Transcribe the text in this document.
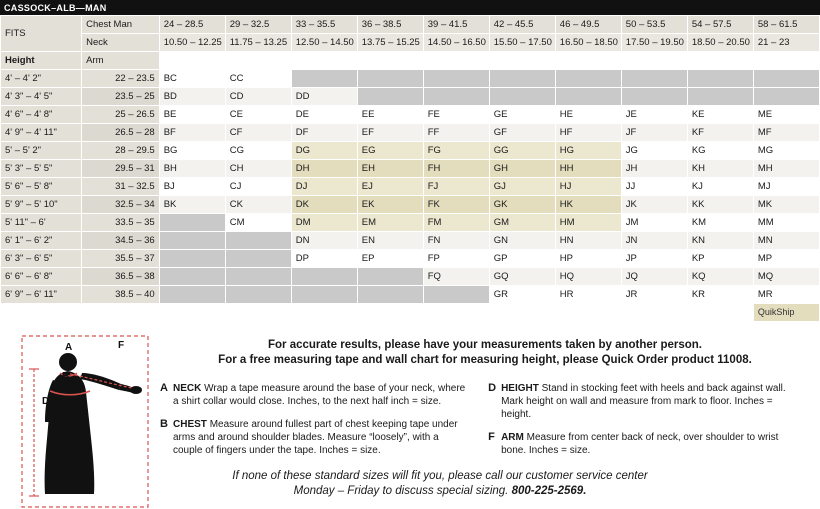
CASSOCK–ALB—MAN
FITS	Chest Man	24 – 28.5	29 – 32.5	33 – 35.5	36 – 38.5	39 – 41.5	42 – 45.5	46 – 49.5	50 – 53.5	54 – 57.5	58 – 61.5
	Neck	10.50 – 12.25	11.75 – 13.25	12.50 – 14.50	13.75 – 15.25	14.50 – 16.50	15.50 – 17.50	16.50 – 18.50	17.50 – 19.50	18.50 – 20.50	21 – 23
Height	Arm										
4' – 4' 2"	22 – 23.5	BC	CC								
4' 3" – 4' 5"	23.5 – 25	BD	CD	DD							
4' 6" – 4' 8"	25 – 26.5	BE	CE	DE	EE	FE	GE	HE	JE	KE	ME
4' 9" – 4' 11"	26.5 – 28	BF	CF	DF	EF	FF	GF	HF	JF	KF	MF
5' – 5' 2"	28 – 29.5	BG	CG	DG	EG	FG	GG	HG	JG	KG	MG
5' 3" – 5' 5"	29.5 – 31	BH	CH	DH	EH	FH	GH	HH	JH	KH	MH
5' 6" – 5' 8"	31 – 32.5	BJ	CJ	DJ	EJ	FJ	GJ	HJ	JJ	KJ	MJ
5' 9" – 5' 10"	32.5 – 34	BK	CK	DK	EK	FK	GK	HK	JK	KK	MK
5' 11" – 6'	33.5 – 35		CM	DM	EM	FM	GM	HM	JM	KM	MM
6' 1" – 6' 2"	34.5 – 36			DN	EN	FN	GN	HN	JN	KN	MN
6' 3" – 6' 5"	35.5 – 37			DP	EP	FP	GP	HP	JP	KP	MP
6' 6" – 6' 8"	36.5 – 38					FQ	GQ	HQ	JQ	KQ	MQ
6' 9" – 6' 11"	38.5 – 40						GR	HR	JR	KR	MR
											QuikShip
A
B
D
F	For accurate results, please have your measurements taken by another person.
For a free measuring tape and wall chart for measuring height, please Quick Order product 11008.

A NECK Wrap a tape measure around the base of your neck, where a shirt collar would close. Inches, to the next half inch = size.
B CHEST Measure around fullest part of chest keeping tape under arms and around shoulder blades. Measure “loosely”, with a couple of fingers under the tape. Inches = size.
D HEIGHT Stand in stocking feet with heels and back against wall. Mark height on wall and measure from mark to floor. Inches = height.
F ARM Measure from center back of neck, over shoulder to wrist bone. Inches = size.
If none of these standard sizes will fit you, please call our customer service center
Monday – Friday to discuss special sizing. 800-225-2569.
